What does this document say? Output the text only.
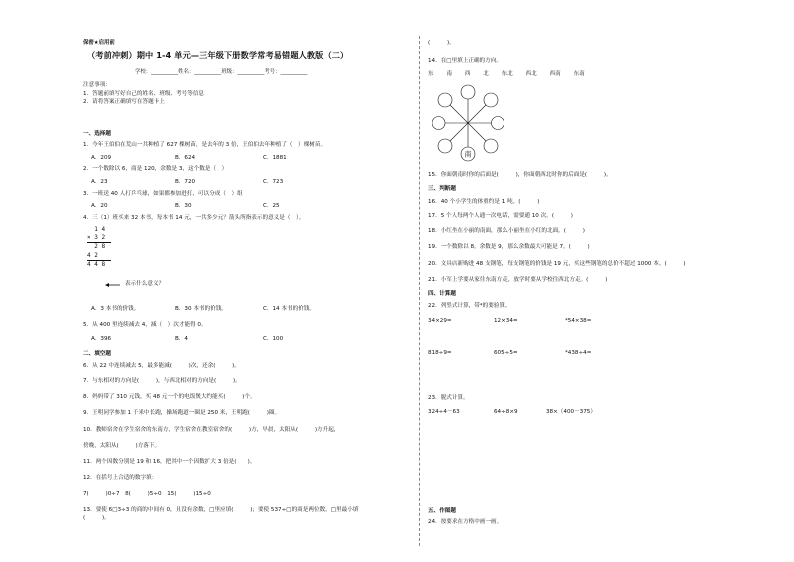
保密★启用前
（考前冲刺）期中 1-4 单元—三年级下册数学常考易错题人教版（二）
学校：__________姓名：__________班级：__________考号：__________
注意事项：
1．答题前填写好自己的姓名、班级、考号等信息
2．请将答案正确填写在答题卡上
一、选择题
1．今年王伯伯在荒山一共种植了 627 棵树苗，是去年的 3 倍，王伯伯去年种植了（　）棵树苗。
A．209	B．624	C．1881
2．一个数除以 6，商是 120，余数是 3，这个数是（　）
A．23	B．720	C．723
3．一班送 40 人打乒乓球，如果都参加进打，可以分成（　）组
A．20	B．30	C．25
4．三（1）班买来 32 本书，每本书 14 元，一共多少元？箭头所指表示的意义是（　）。
1 4
× 3 2
2 8
4 2
4 4 8
表示什么意义？
A．3 本书的价钱。	B．30 本书的价钱。	C．14 本书的价钱。
5．从 400 里连续减去 4，減（　）次才能得 0。
A．396	B．4	C．100
二、填空题
6．从 22 中连续减去 5，最多能減(　　　)次，还余(　　　)。
7．与东相对的方向是(　　　)，与西北相对的方向是(　　　)。
8．妈妈带了 310 元钱，买 48 元一个的电饭煲大约能买(　　　)个。
9．王明同学参加 1 千米中长跑，操场跑道一圈是 250 米，王明跑(　　　)圈。
10．教师宿舍在学生宿舍的东南方，学生宿舍在教室宿舍的(　　　)方，早晨，太阳从(　　　)方升起，
傍晚，太阳从(　　　)方落下。
11．两个因数分别是 19 和 16，把其中一个因数扩大 3 倍是(　　)。
12．在括号上合适的数字填：
7(　　　)0÷7　8(　　　)5÷0　15(　　　)15÷0
13．要使 6□3÷3 的商的中间有 0，且没有余数，□里应填(　　　)；要使 537÷□的商是两位数，□里最小填
(　　　)。
(　　　)。
14．在□里填上正确的方向。
东 南 西 北 东北 西北 西南 东南
南
15．你面朝南时你的后面是(　　　)，你面朝西北时你的后面是(　　　)。
三、判断题
16．40 个小学生的体重约是 1 吨。(　　　)
17．5 个人每两个人通一次电话，需要通 10 次。(　　　)
18．小红坐在小丽的南面，那么小丽坐在小红的北面。(　　　)
19．一个数除以 8，余数是 9，那么余数最大可能是 7。(　　　)
20．文具店新购进 48 支钢笔，每支钢笔的价钱是 19 元，买这些钢笔的总价不超过 1000 本。(　　　)
21．小军上学要从家往东南方走，放学时要从学校往西北方走。(　　　)
四、计算题
22．列竖式计算，带*的要验算。
34×29=	12×34=	*54×38=
818÷9=	605÷5=	*438÷4=
23．脱式计算。
324÷4－63	64÷8×9	38×（400－375）
五、作图题
24．按要求在方格中画一画。
